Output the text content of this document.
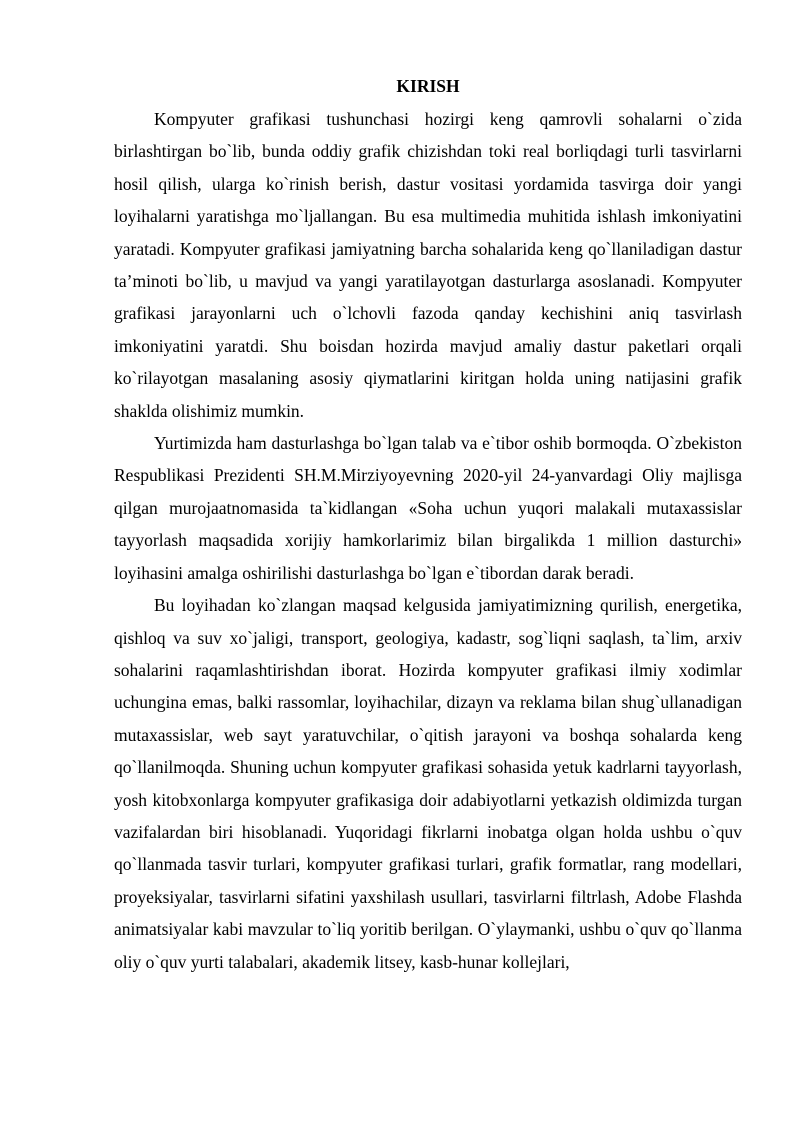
KIRISH

Kompyuter grafikasi tushunchasi hozirgi keng qamrovli sohalarni o`zida birlashtirgan bo`lib, bunda oddiy grafik chizishdan toki real borliqdagi turli tasvirlarni hosil qilish, ularga ko`rinish berish, dastur vositasi yordamida tasvirga doir yangi loyihalarni yaratishga mo`ljallangan. Bu esa multimedia muhitida ishlash imkoniyatini yaratadi. Kompyuter grafikasi jamiyatning barcha sohalarida keng qo`llaniladigan dastur ta’minoti bo`lib, u mavjud va yangi yaratilayotgan dasturlarga asoslanadi. Kompyuter grafikasi jarayonlarni uch o`lchovli fazoda qanday kechishini aniq tasvirlash imkoniyatini yaratdi. Shu boisdan hozirda mavjud amaliy dastur paketlari orqali ko`rilayotgan masalaning asosiy qiymatlarini kiritgan holda uning natijasini grafik shaklda olishimiz mumkin.

Yurtimizda ham dasturlashga bo`lgan talab va e`tibor oshib bormoqda. O`zbekiston Respublikasi Prezidenti SH.M.Mirziyoyevning 2020-yil 24-yanvardagi Oliy majlisga qilgan murojaatnomasida ta`kidlangan «Soha uchun yuqori malakali mutaxassislar tayyorlash maqsadida xorijiy hamkorlarimiz bilan birgalikda 1 million dasturchi» loyihasini amalga oshirilishi dasturlashga bo`lgan e`tibordan darak beradi.

Bu loyihadan ko`zlangan maqsad kelgusida jamiyatimizning qurilish, energetika, qishloq va suv xo`jaligi, transport, geologiya, kadastr, sog`liqni saqlash, ta`lim, arxiv sohalarini raqamlashtirishdan iborat. Hozirda kompyuter grafikasi ilmiy xodimlar uchungina emas, balki rassomlar, loyihachilar, dizayn va reklama bilan shug`ullanadigan mutaxassislar, web sayt yaratuvchilar, o`qitish jarayoni va boshqa sohalarda keng qo`llanilmoqda. Shuning uchun kompyuter grafikasi sohasida yetuk kadrlarni tayyorlash, yosh kitobxonlarga kompyuter grafikasiga doir adabiyotlarni yetkazish oldimizda turgan vazifalardan biri hisoblanadi. Yuqoridagi fikrlarni inobatga olgan holda ushbu o`quv qo`llanmada tasvir turlari, kompyuter grafikasi turlari, grafik formatlar, rang modellari, proyeksiyalar, tasvirlarni sifatini yaxshilash usullari, tasvirlarni filtrlash, Adobe Flashda animatsiyalar kabi mavzular to`liq yoritib berilgan. O`ylaymanki, ushbu o`quv qo`llanma oliy o`quv yurti talabalari, akademik litsey, kasb-hunar kollejlari,
